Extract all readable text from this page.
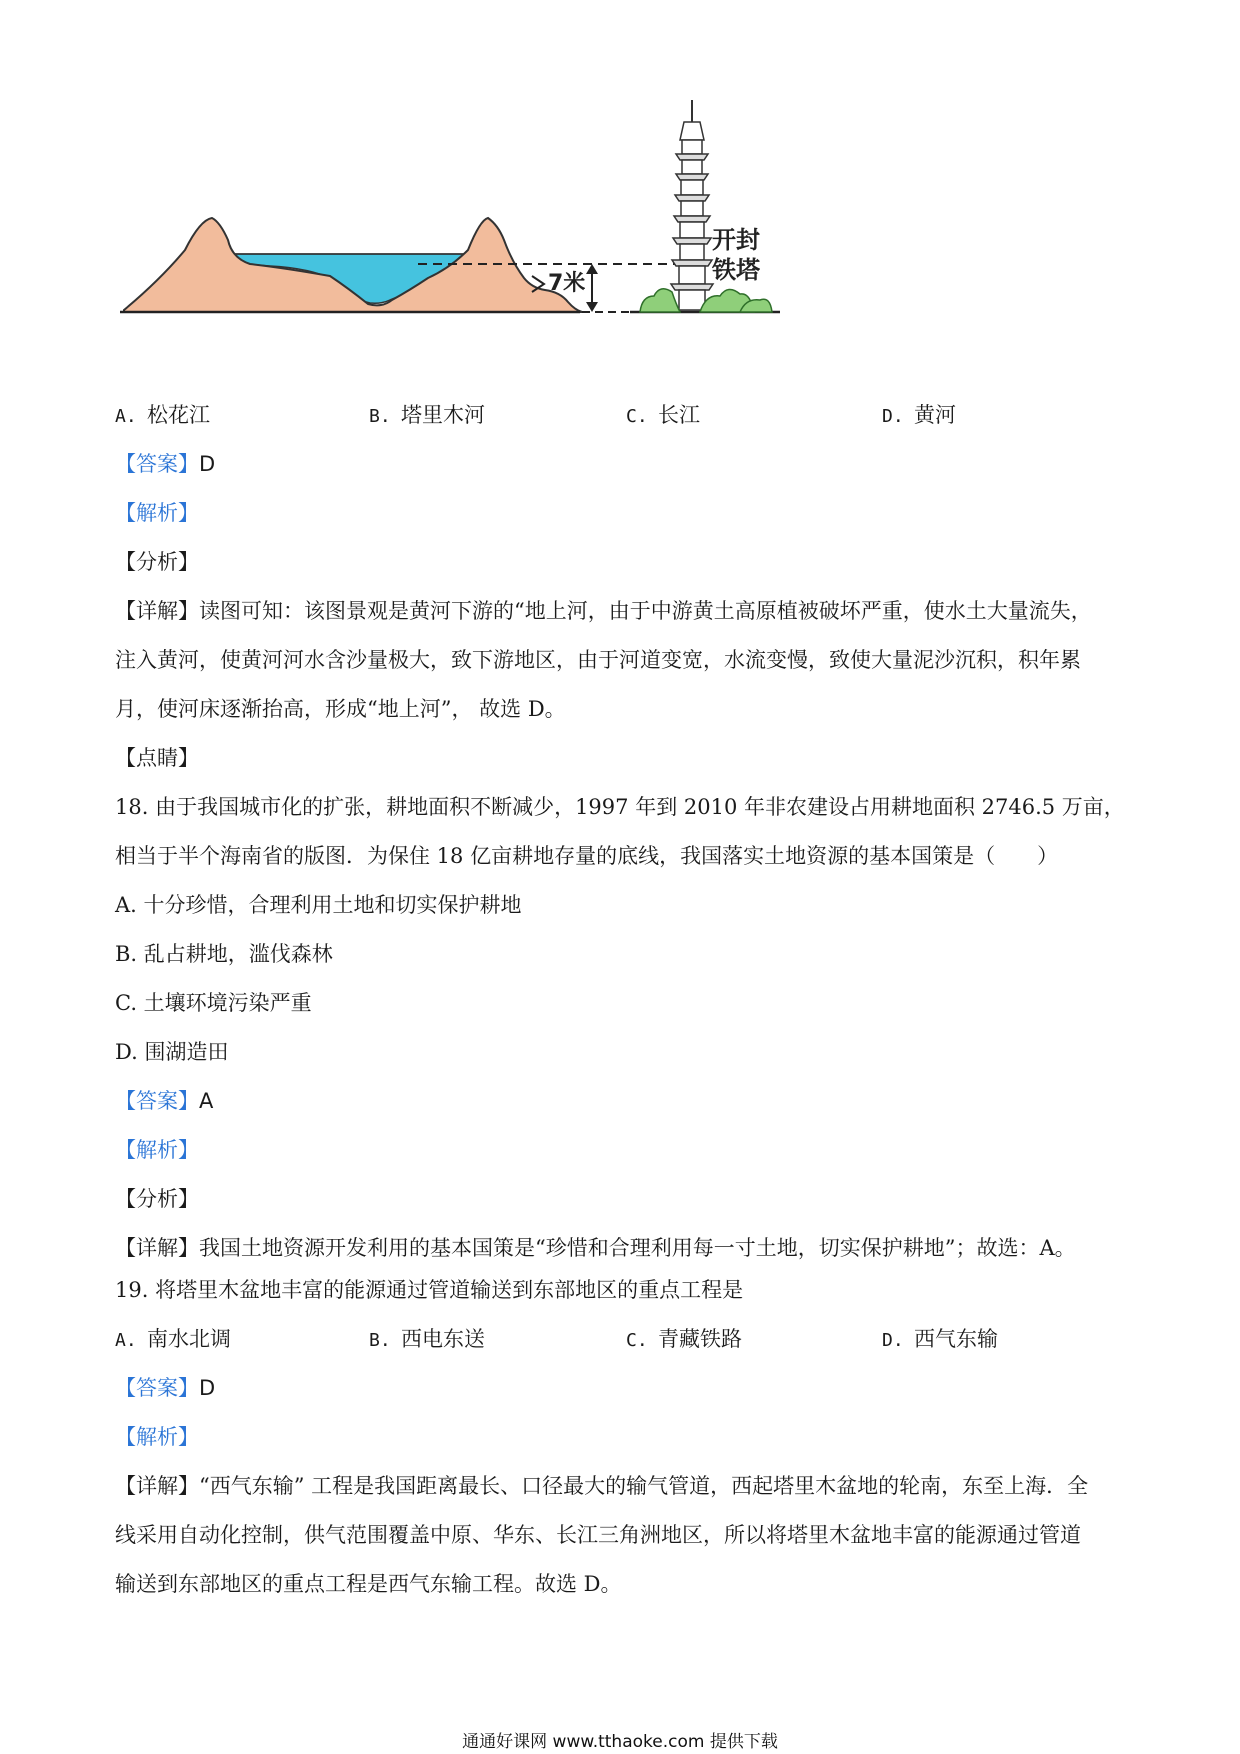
7米
开封
铁塔
A. 松花江	B. 塔里木河	C. 长江	D. 黄河
【答案】D
【解析】
【分析】
【详解】读图可知：该图景观是黄河下游的“地上河，由于中游黄土高原植被破坏严重，使水土大量流失，
注入黄河，使黄河河水含沙量极大，致下游地区，由于河道变宽，水流变慢，致使大量泥沙沉积，积年累
月，使河床逐渐抬高，形成“地上河”， 故选 D。
【点睛】
18. 由于我国城市化的扩张，耕地面积不断减少，1997 年到 2010 年非农建设占用耕地面积 2746.5 万亩，
相当于半个海南省的版图．为保住 18 亿亩耕地存量的底线，我国落实土地资源的基本国策是（　　）
A. 十分珍惜，合理利用土地和切实保护耕地
B. 乱占耕地，滥伐森林
C. 土壤环境污染严重
D. 围湖造田
【答案】A
【解析】
【分析】
【详解】我国土地资源开发利用的基本国策是“珍惜和合理利用每一寸土地，切实保护耕地”；故选：A。
19. 将塔里木盆地丰富的能源通过管道输送到东部地区的重点工程是
A. 南水北调	B. 西电东送	C. 青藏铁路	D. 西气东输
【答案】D
【解析】
【详解】“西气东输” 工程是我国距离最长、口径最大的输气管道，西起塔里木盆地的轮南，东至上海．全
线采用自动化控制，供气范围覆盖中原、华东、长江三角洲地区，所以将塔里木盆地丰富的能源通过管道
输送到东部地区的重点工程是西气东输工程。故选 D。
通通好课网 www.tthaoke.com 提供下载
